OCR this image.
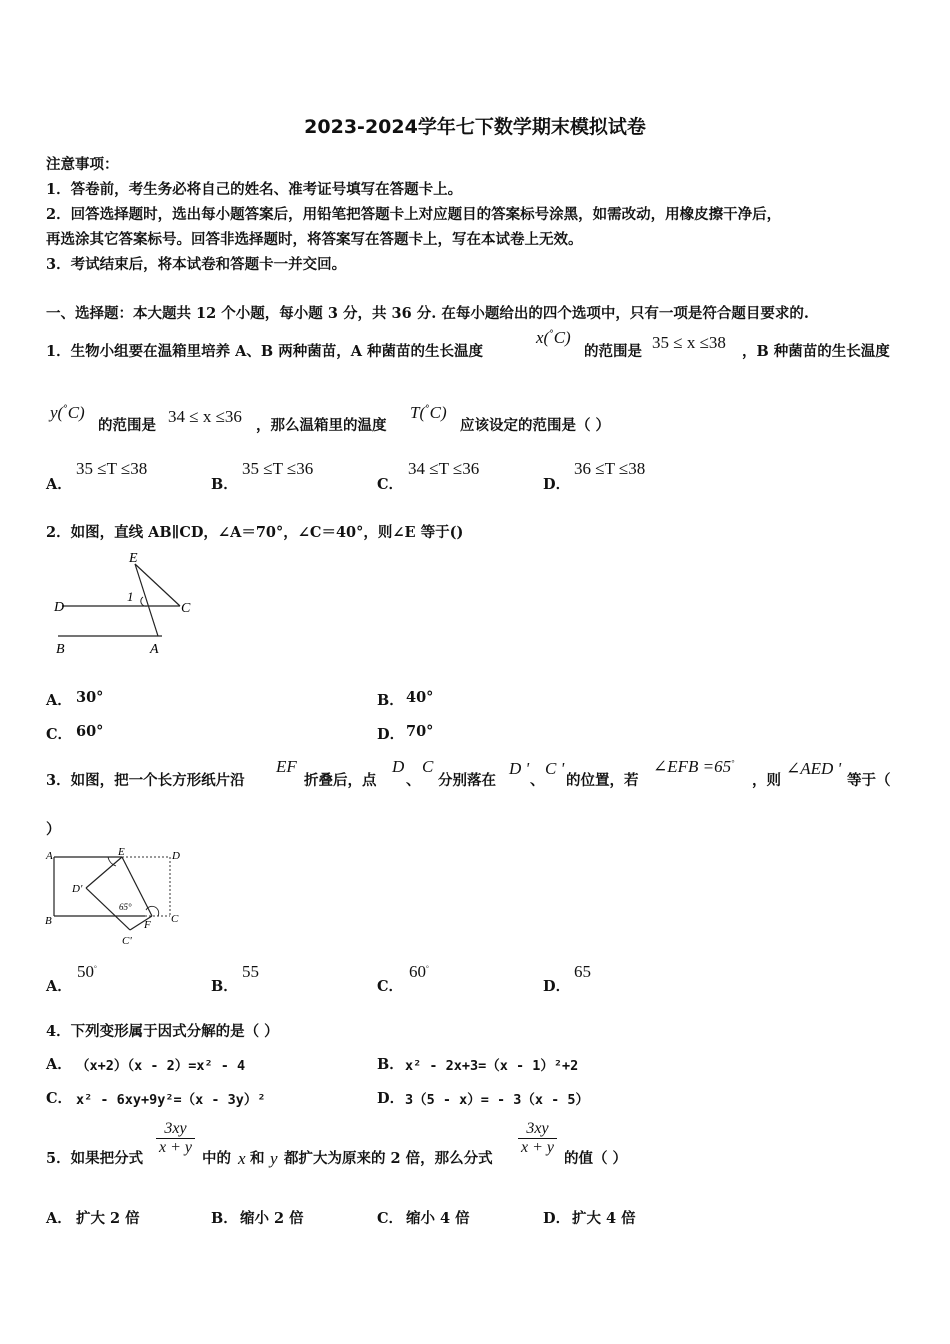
2023-2024学年七下数学期末模拟试卷
注意事项：
1．答卷前，考生务必将自己的姓名、准考证号填写在答题卡上。
2．回答选择题时，选出每小题答案后，用铅笔把答题卡上对应题目的答案标号涂黑，如需改动，用橡皮擦干净后，
再选涂其它答案标号。回答非选择题时，将答案写在答题卡上，写在本试卷上无效。
3．考试结束后，将本试卷和答题卡一并交回。
一、选择题：本大题共 12 个小题，每小题 3 分，共 36 分. 在每小题给出的四个选项中，只有一项是符合题目要求的.
1．生物小组要在温箱里培养 A、B 两种菌苗，A 种菌苗的生长温度
x(°C)
的范围是 35 ≤ x ≤38 ，B 种菌苗的生长温度
y(°C)
的范围是 34 ≤ x ≤36 ，那么温箱里的温度
T(°C)
应该设定的范围是（ ）
A．
35 ≤T ≤38
B．
35 ≤T ≤36
C．
34 ≤T ≤36
D．
36 ≤T ≤38
2．如图，直线 AB∥CD，∠A＝70°，∠C＝40°，则∠E 等于()
E
D	C
B	A
1
A． 30°	B． 40°
C． 60°	D． 70°
3．如图，把一个长方形纸片沿
EF
折叠后，点
D
、
C
分别落在
D '
、
C '
的位置，若
∠EFB =65°
，则
∠AED '
等于（
）
A	E	D
D'
B	F C
C'
65°
A．
50°
B．
55
C．
60°
D．
65
4．下列变形属于因式分解的是（ ）
A． （x+2）（x - 2）=x² - 4	B． x² - 2x+3=（x - 1）²+2
C． x² - 6xy+9y²=（x - 3y）²	D． 3（5 - x）= - 3（x - 5）
5．如果把分式
$\frac{3xy}{x + y}$
中的 x 和 y 都扩大为原来的 2 倍，那么分式
$\frac{3xy}{x + y}$
的值（ ）
A． 扩大 2 倍	B． 缩小 2 倍	C． 缩小 4 倍	D． 扩大 4 倍
